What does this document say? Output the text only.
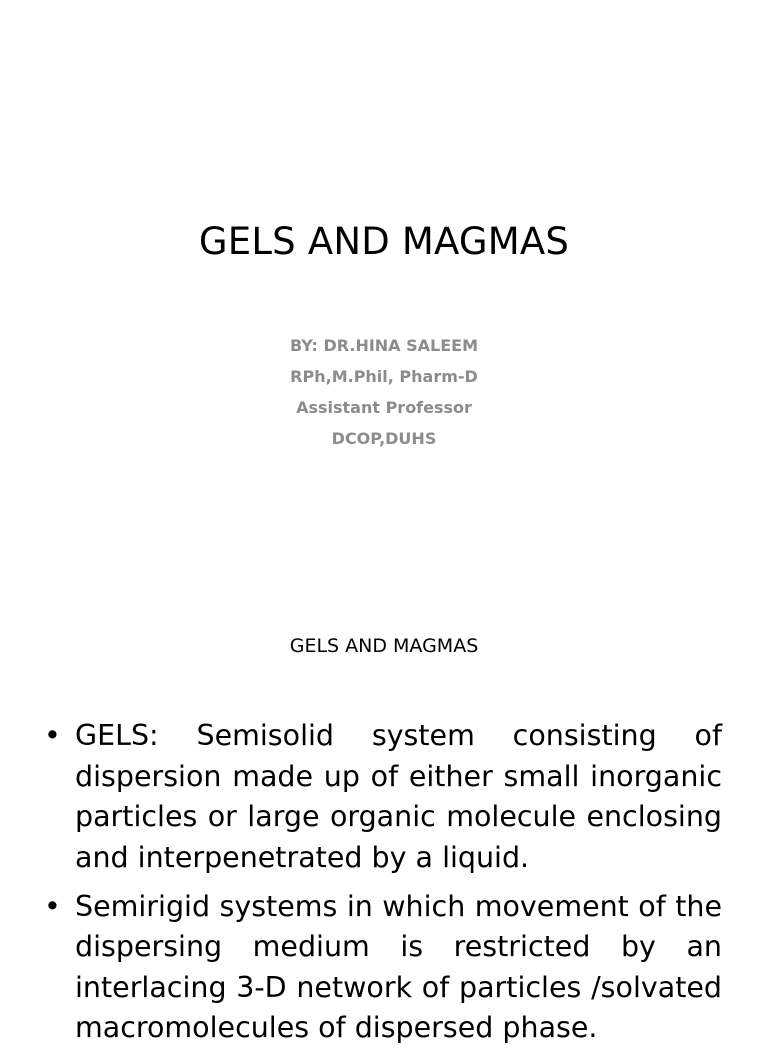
GELS AND MAGMAS
BY: DR.HINA SALEEM
RPh,M.Phil, Pharm-D
Assistant Professor
DCOP,DUHS
GELS AND MAGMAS
• GELS: Semisolid system consisting of dispersion made up of either small inorganic particles or large organic molecule enclosing and interpenetrated by a liquid.
• Semirigid systems in which movement of the dispersing medium is restricted by an interlacing 3-D network of particles /solvated macromolecules of dispersed phase.
